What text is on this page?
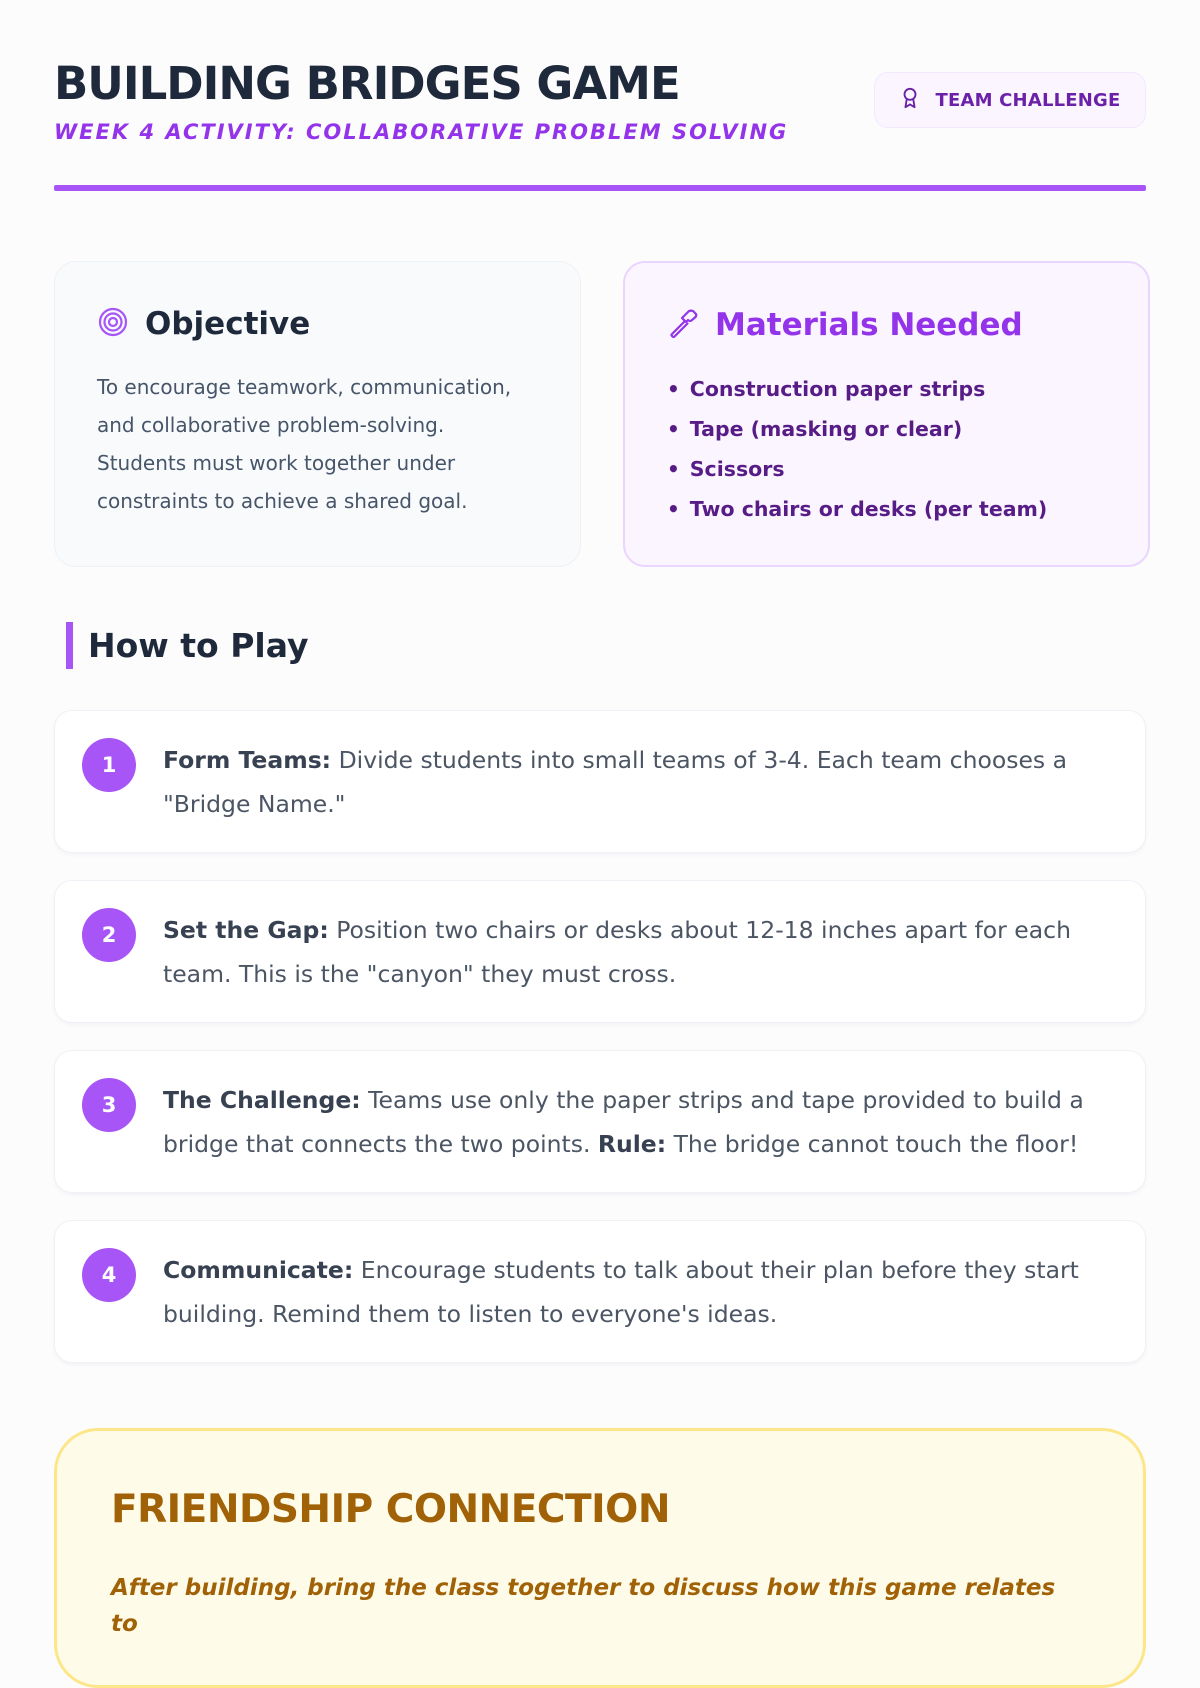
BUILDING BRIDGES GAME
WEEK 4 ACTIVITY: COLLABORATIVE PROBLEM SOLVING
TEAM CHALLENGE
Objective

To encourage teamwork, communication, and collaborative problem-solving. Students must work together under constraints to achieve a shared goal.

Materials Needed
• Construction paper strips
• Tape (masking or clear)
• Scissors
• Two chairs or desks (per team)
How to Play
1	Form Teams: Divide students into small teams of 3-4. Each team chooses a "Bridge Name."

2	Set the Gap: Position two chairs or desks about 12-18 inches apart for each team. This is the "canyon" they must cross.

3	The Challenge: Teams use only the paper strips and tape provided to build a bridge that connects the two points. Rule: The bridge cannot touch the floor!

4	Communicate: Encourage students to talk about their plan before they start building. Remind them to listen to everyone's ideas.

FRIENDSHIP CONNECTION

After building, bring the class together to discuss how this game relates to
